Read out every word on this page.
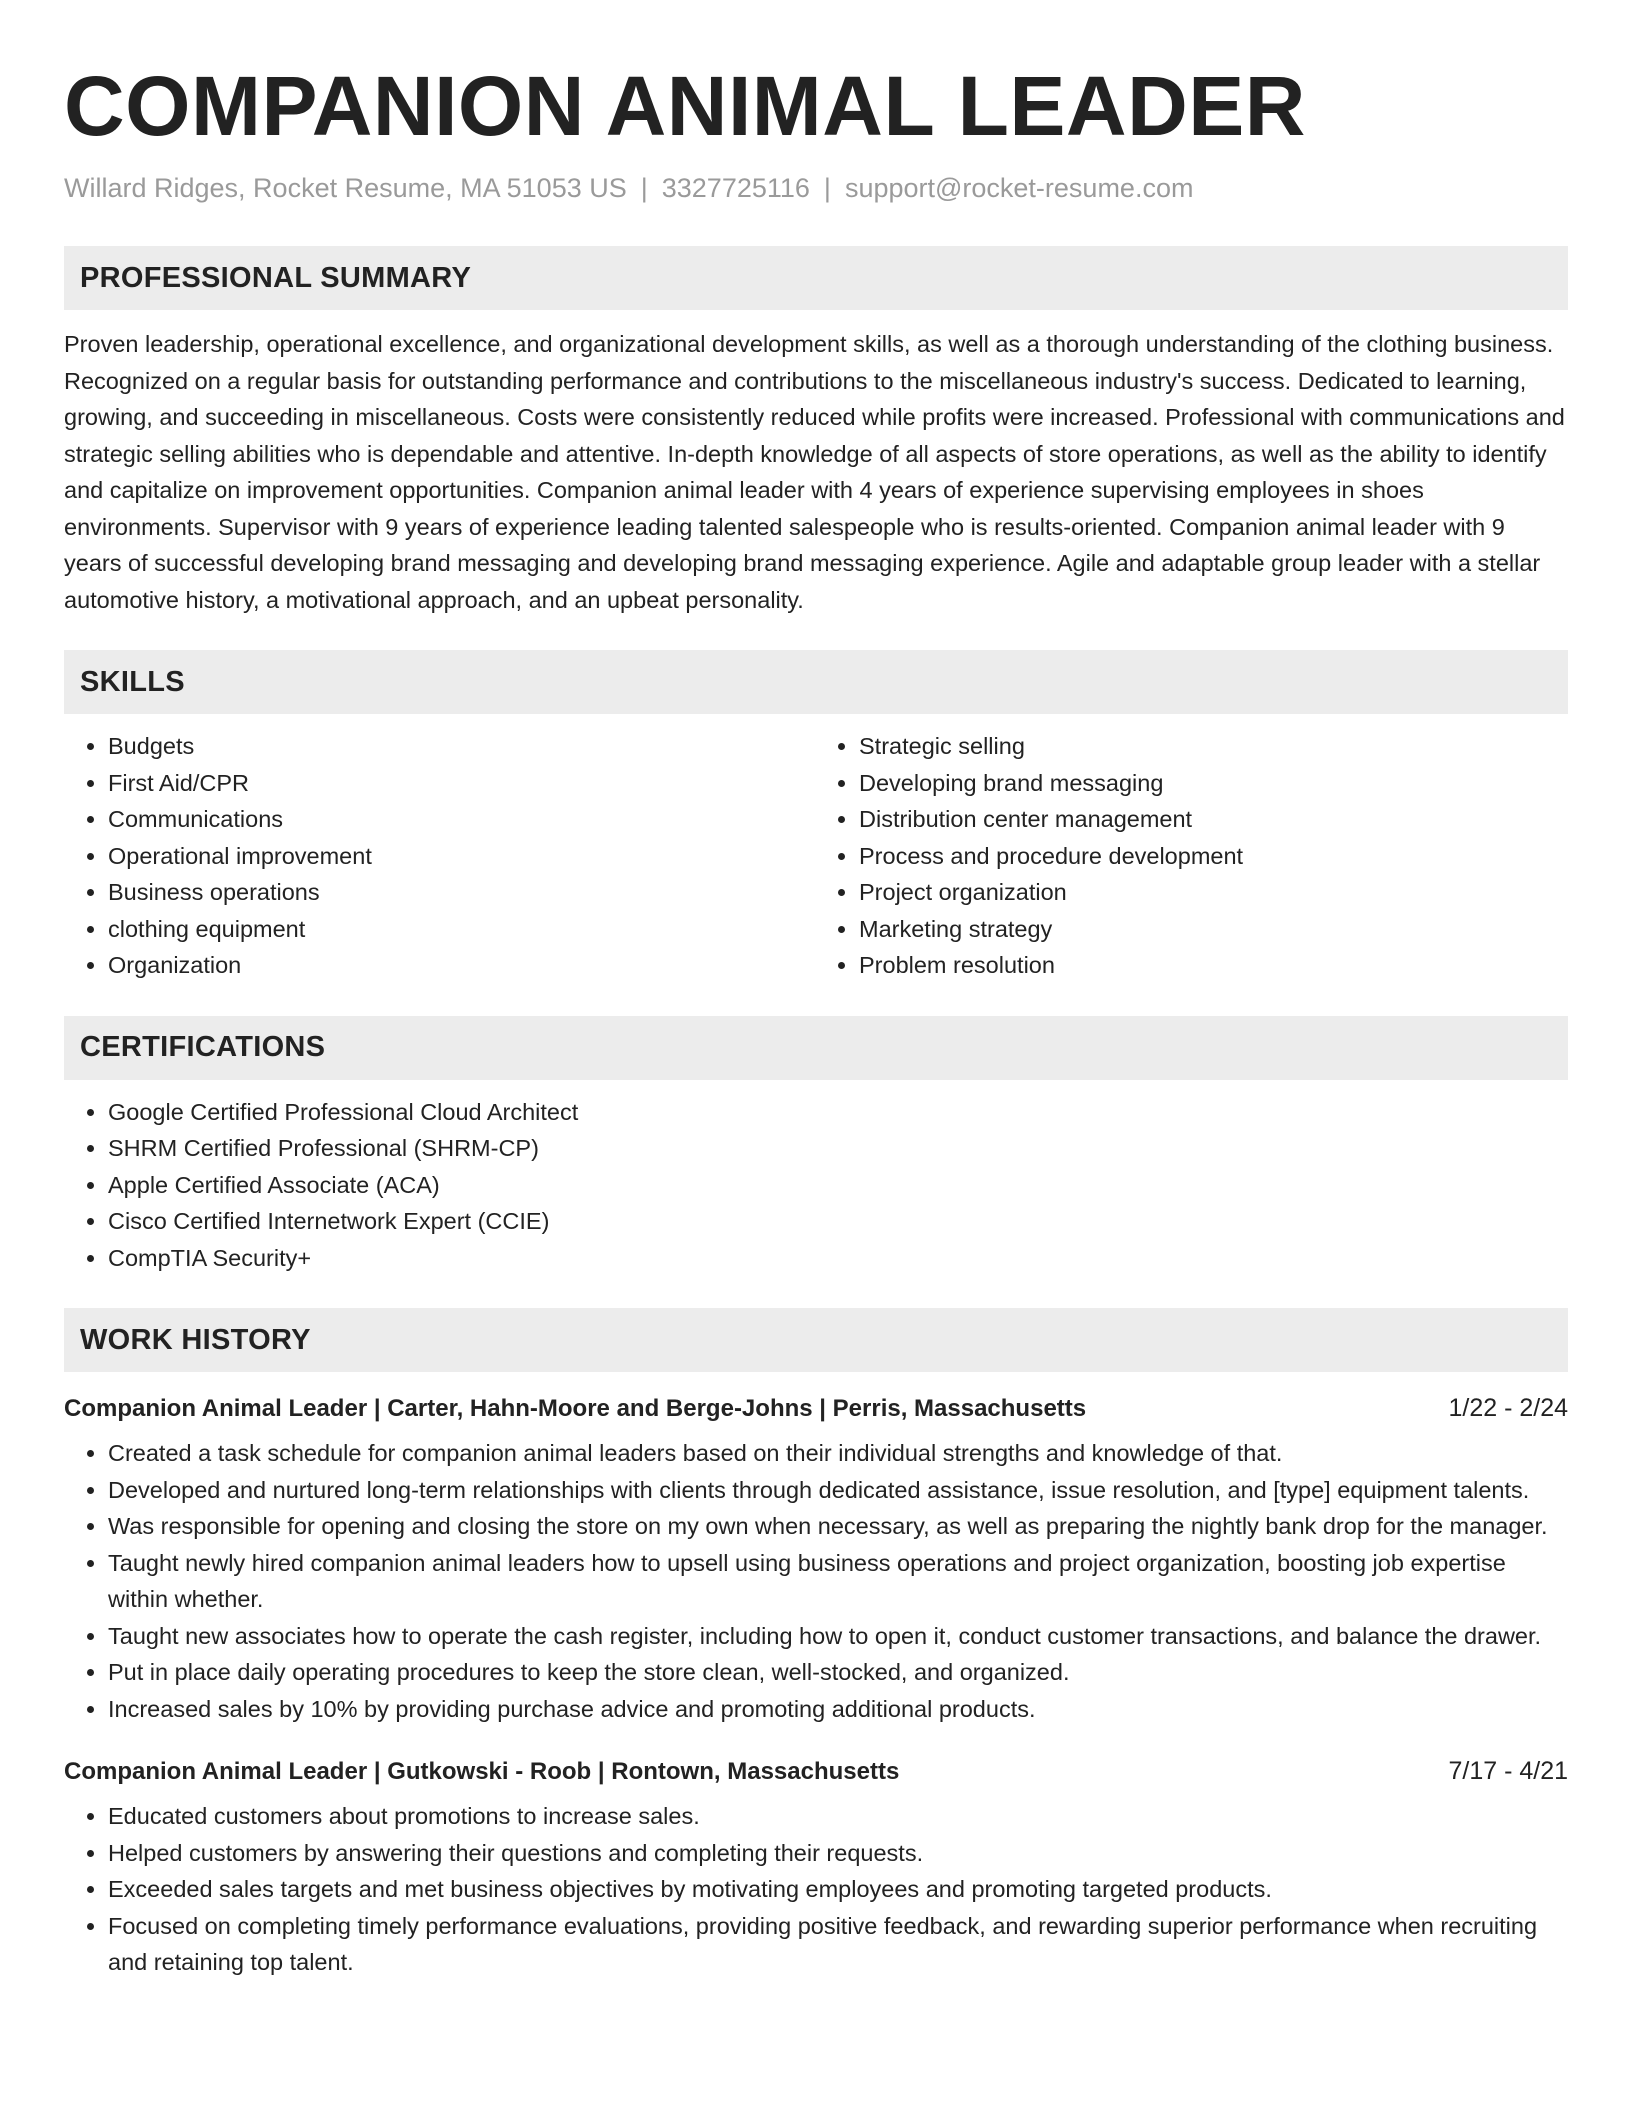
COMPANION ANIMAL LEADER
Willard Ridges, Rocket Resume, MA 51053 US | 3327725116 | support@rocket-resume.com
PROFESSIONAL SUMMARY

Proven leadership, operational excellence, and organizational development skills, as well as a thorough understanding of the clothing business. Recognized on a regular basis for outstanding performance and contributions to the miscellaneous industry's success. Dedicated to learning, growing, and succeeding in miscellaneous. Costs were consistently reduced while profits were increased. Professional with communications and strategic selling abilities who is dependable and attentive. In-depth knowledge of all aspects of store operations, as well as the ability to identify and capitalize on improvement opportunities. Companion animal leader with 4 years of experience supervising employees in shoes environments. Supervisor with 9 years of experience leading talented salespeople who is results-oriented. Companion animal leader with 9 years of successful developing brand messaging and developing brand messaging experience. Agile and adaptable group leader with a stellar automotive history, a motivational approach, and an upbeat personality.

SKILLS
• Budgets
• First Aid/CPR
• Communications
• Operational improvement
• Business operations
• clothing equipment
• Organization
• Strategic selling
• Developing brand messaging
• Distribution center management
• Process and procedure development
• Project organization
• Marketing strategy
• Problem resolution
CERTIFICATIONS
• Google Certified Professional Cloud Architect
• SHRM Certified Professional (SHRM-CP)
• Apple Certified Associate (ACA)
• Cisco Certified Internetwork Expert (CCIE)
• CompTIA Security+
WORK HISTORY
Companion Animal Leader | Carter, Hahn-Moore and Berge-Johns | Perris, Massachusetts	1/22 - 2/24
• Created a task schedule for companion animal leaders based on their individual strengths and knowledge of that.
• Developed and nurtured long-term relationships with clients through dedicated assistance, issue resolution, and [type] equipment talents.
• Was responsible for opening and closing the store on my own when necessary, as well as preparing the nightly bank drop for the manager.
• Taught newly hired companion animal leaders how to upsell using business operations and project organization, boosting job expertise within whether.
• Taught new associates how to operate the cash register, including how to open it, conduct customer transactions, and balance the drawer.
• Put in place daily operating procedures to keep the store clean, well-stocked, and organized.
• Increased sales by 10% by providing purchase advice and promoting additional products.
Companion Animal Leader | Gutkowski - Roob | Rontown, Massachusetts	7/17 - 4/21
• Educated customers about promotions to increase sales.
• Helped customers by answering their questions and completing their requests.
• Exceeded sales targets and met business objectives by motivating employees and promoting targeted products.
• Focused on completing timely performance evaluations, providing positive feedback, and rewarding superior performance when recruiting and retaining top talent.
